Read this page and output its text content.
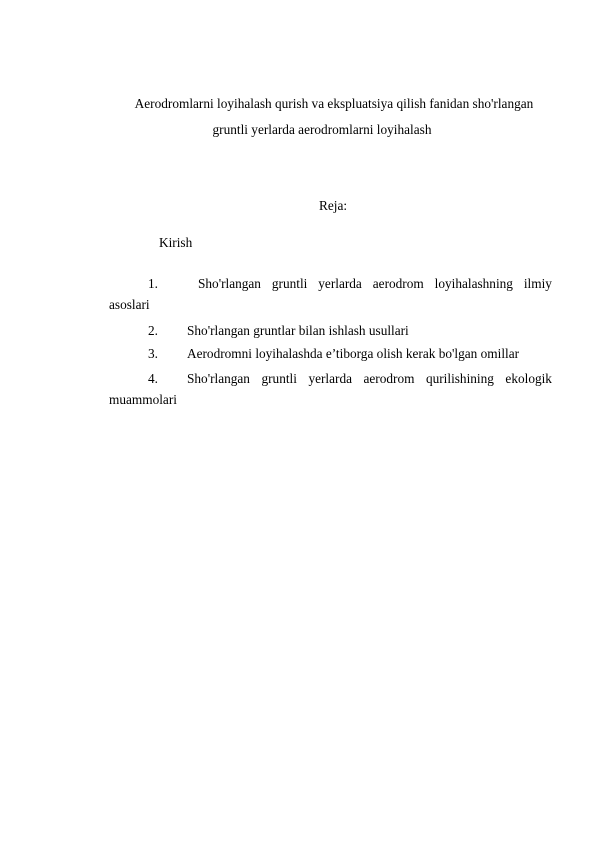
Aerodromlarni loyihalash qurish va ekspluatsiya qilish fanidan sho'rlangan
gruntli yerlarda aerodromlarni loyihalash
Reja:
Kirish
1.	Sho'rlangan gruntli yerlarda aerodrom loyihalashning ilmiy
asoslari
2.	Sho'rlangan gruntlar bilan ishlash usullari
3.	Aerodromni loyihalashda e’tiborga olish kerak bo'lgan omillar
4.	Sho'rlangan gruntli yerlarda aerodrom qurilishining ekologik
muammolari
